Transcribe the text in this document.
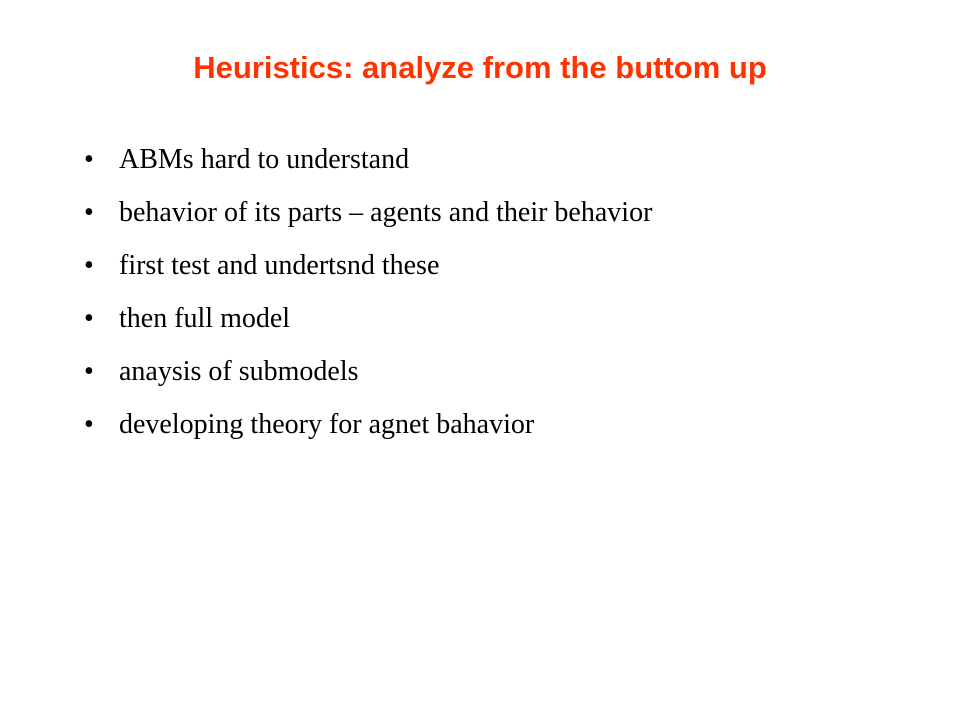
Heuristics: analyze from the buttom up
• ABMs hard to understand
• behavior of its parts – agents and their behavior
• first test and undertsnd these
• then full model
• anaysis of submodels
• developing theory for agnet bahavior
